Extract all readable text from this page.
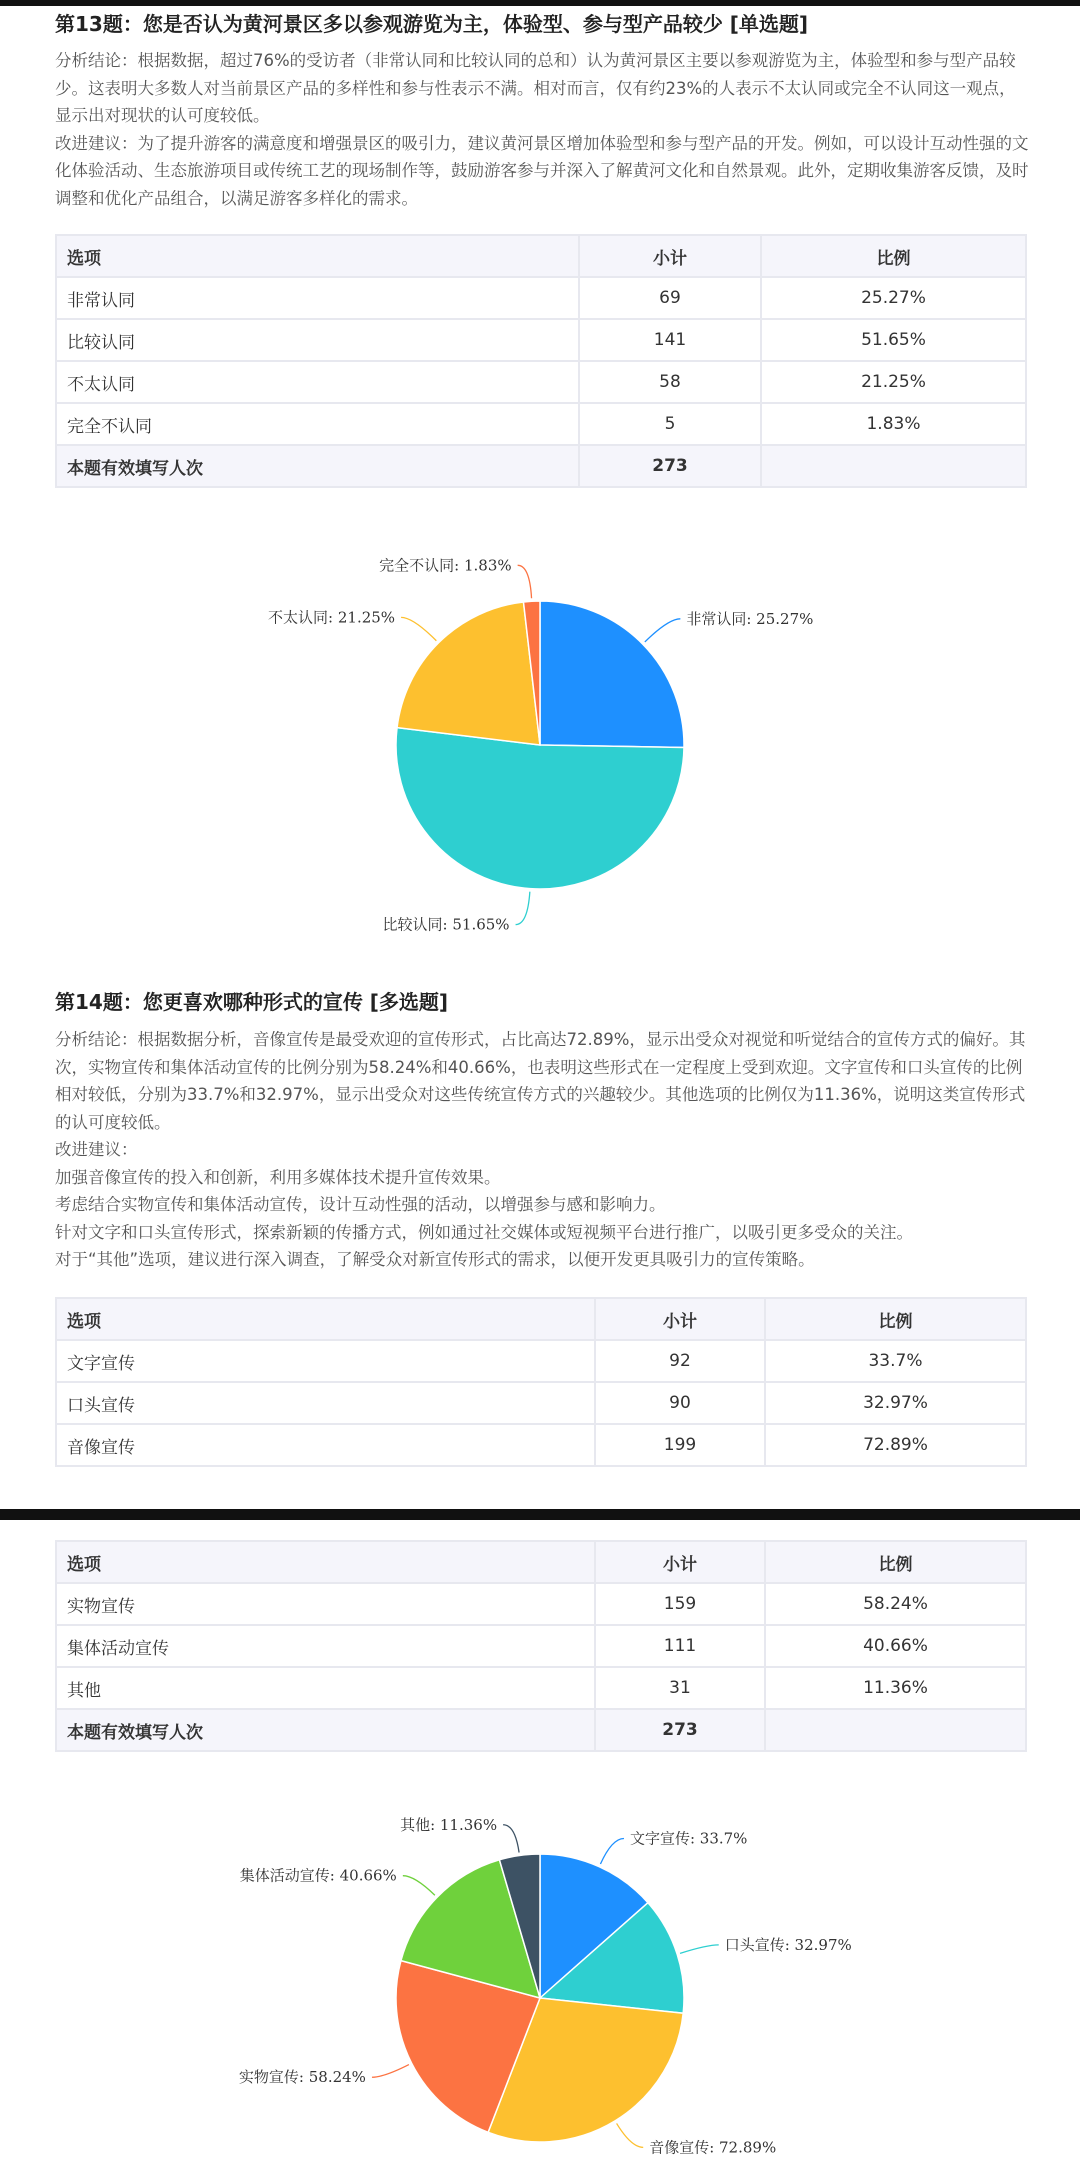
第13题：您是否认为黄河景区多以参观游览为主，体验型、参与型产品较少 [单选题]

分析结论：根据数据，超过76%的受访者（非常认同和比较认同的总和）认为黄河景区主要以参观游览为主，体验型和参与型产品较少。这表明大多数人对当前景区产品的多样性和参与性表示不满。相对而言，仅有约23%的人表示不太认同或完全不认同这一观点，显示出对现状的认可度较低。

改进建议：为了提升游客的满意度和增强景区的吸引力，建议黄河景区增加体验型和参与型产品的开发。例如，可以设计互动性强的文化体验活动、生态旅游项目或传统工艺的现场制作等，鼓励游客参与并深入了解黄河文化和自然景观。此外，定期收集游客反馈，及时调整和优化产品组合，以满足游客多样化的需求。

选项	小计	比例
非常认同	69	25.27%
比较认同	141	51.65%
不太认同	58	21.25%
完全不认同	5	1.83%
本题有效填写人次	273	
非常认同: 25.27%
比较认同: 51.65%
不太认同: 21.25%
完全不认同: 1.83%
第14题：您更喜欢哪种形式的宣传 [多选题]

分析结论：根据数据分析，音像宣传是最受欢迎的宣传形式，占比高达72.89%，显示出受众对视觉和听觉结合的宣传方式的偏好。其次，实物宣传和集体活动宣传的比例分别为58.24%和40.66%，也表明这些形式在一定程度上受到欢迎。文字宣传和口头宣传的比例相对较低，分别为33.7%和32.97%，显示出受众对这些传统宣传方式的兴趣较少。其他选项的比例仅为11.36%，说明这类宣传形式的认可度较低。

改进建议：

加强音像宣传的投入和创新，利用多媒体技术提升宣传效果。

考虑结合实物宣传和集体活动宣传，设计互动性强的活动，以增强参与感和影响力。

针对文字和口头宣传形式，探索新颖的传播方式，例如通过社交媒体或短视频平台进行推广，以吸引更多受众的关注。

对于“其他”选项，建议进行深入调查，了解受众对新宣传形式的需求，以便开发更具吸引力的宣传策略。

选项	小计	比例
文字宣传	92	33.7%
口头宣传	90	32.97%
音像宣传	199	72.89%
选项	小计	比例
实物宣传	159	58.24%
集体活动宣传	111	40.66%
其他	31	11.36%
本题有效填写人次	273	
文字宣传: 33.7%
口头宣传: 32.97%
音像宣传: 72.89%
实物宣传: 58.24%
集体活动宣传: 40.66%
其他: 11.36%
